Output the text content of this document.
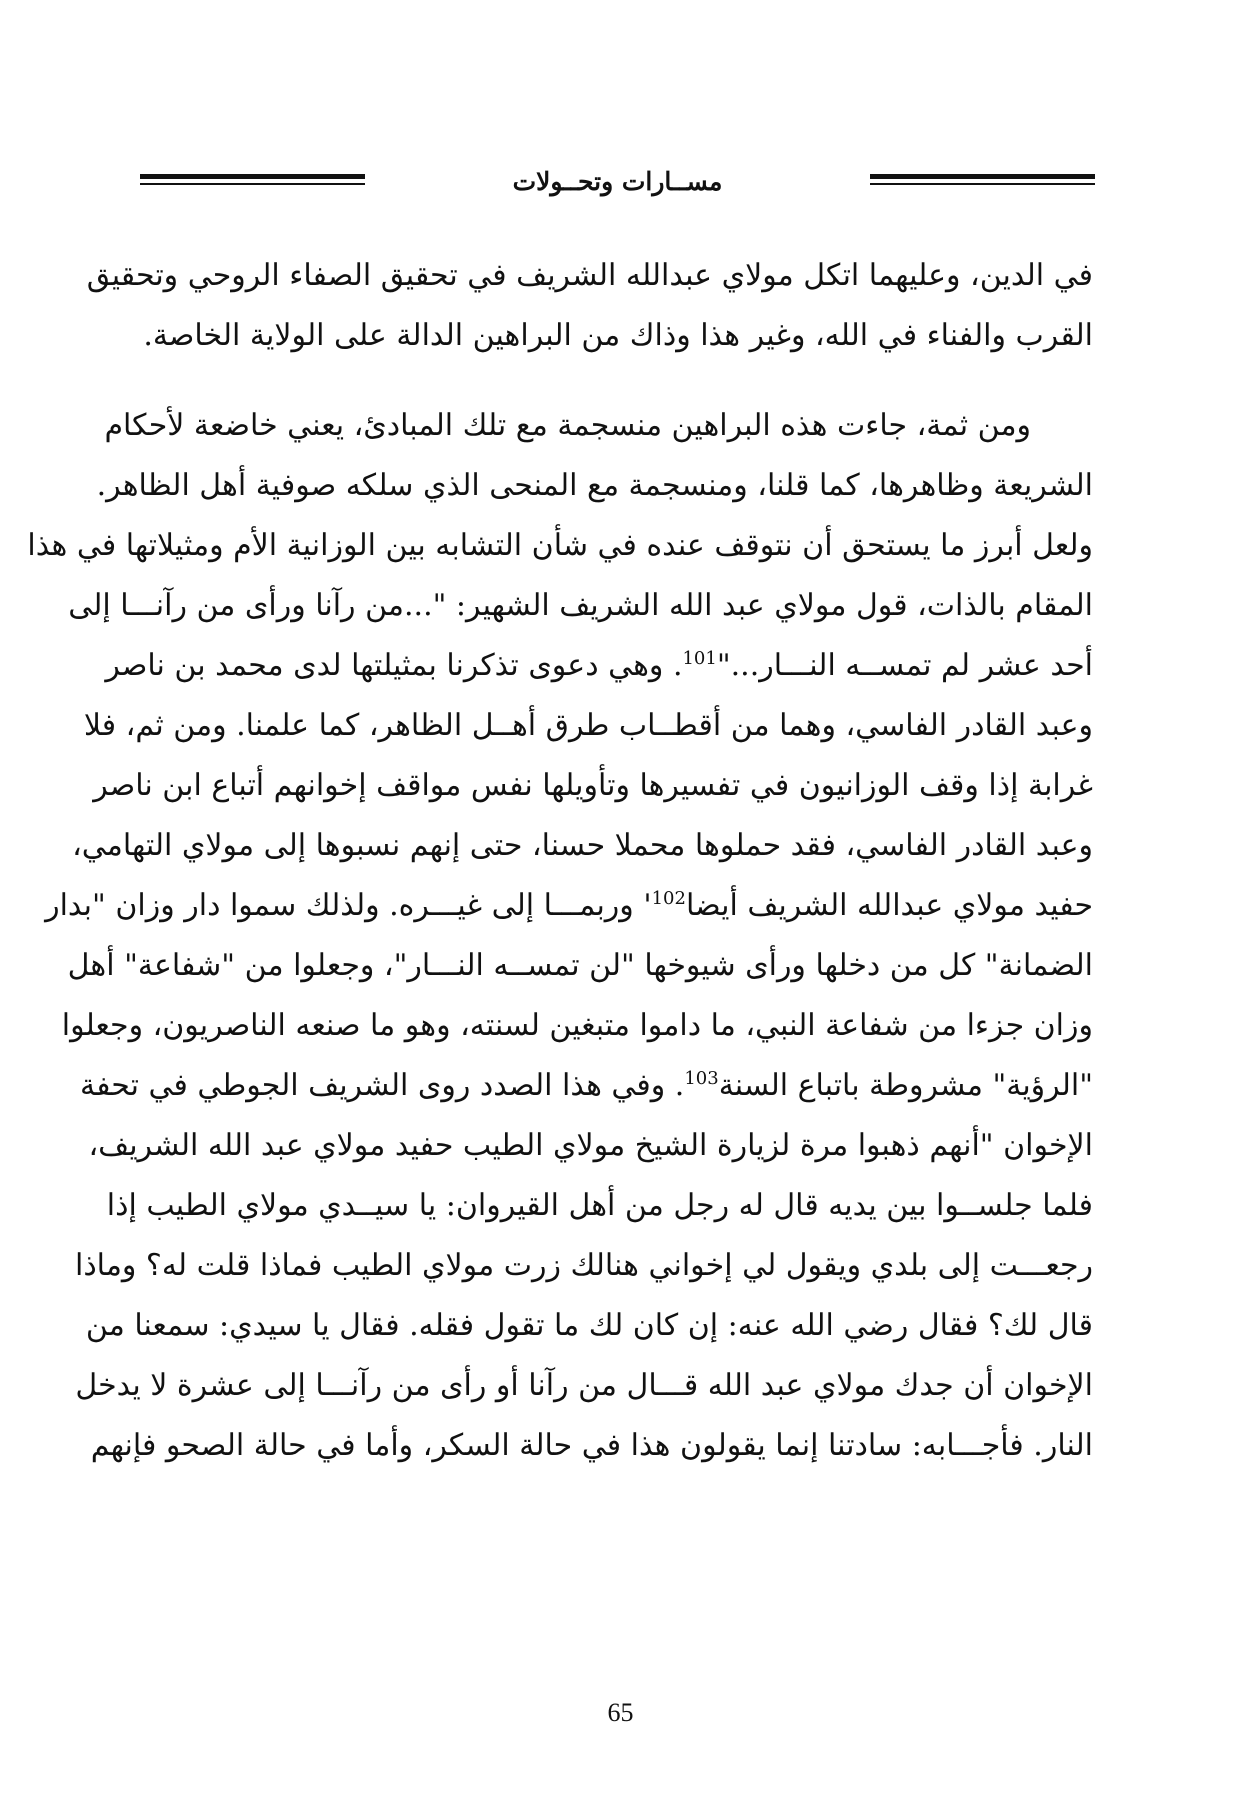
مســارات وتحــولات
في الدين، وعليهما اتكل مولاي عبدالله الشريف في تحقيق الصفاء الروحي وتحقيق
القرب والفناء في الله، وغير هذا وذاك من البراهين الدالة على الولاية الخاصة.
ومن ثمة، جاءت هذه البراهين منسجمة مع تلك المبادئ، يعني خاضعة لأحكام
الشريعة وظاهرها، كما قلنا، ومنسجمة مع المنحى الذي سلكه صوفية أهل الظاهر.
ولعل أبرز ما يستحق أن نتوقف عنده في شأن التشابه بين الوزانية الأم ومثيلاتها في هذا
المقام بالذات، قول مولاي عبد الله الشريف الشهير: "...من رآنا ورأى من رآنـــا إلى
أحد عشر لم تمســه النـــار..."$^{101}$. وهي دعوى تذكرنا بمثيلتها لدى محمد بن ناصر
وعبد القادر الفاسي، وهما من أقطــاب طرق أهــل الظاهر، كما علمنا. ومن ثم، فلا
غرابة إذا وقف الوزانيون في تفسيرها وتأويلها نفس مواقف إخوانهم أتباع ابن ناصر
وعبد القادر الفاسي، فقد حملوها محملا حسنا، حتى إنهم نسبوها إلى مولاي التهامي،
حفيد مولاي عبدالله الشريف أيضا$^{102}$' وربمـــا إلى غيـــره. ولذلك سموا دار وزان "بدار
الضمانة" كل من دخلها ورأى شيوخها "لن تمســه النـــار"، وجعلوا من "شفاعة" أهل
وزان جزءا من شفاعة النبي، ما داموا متبغين لسنته، وهو ما صنعه الناصريون، وجعلوا
"الرؤية" مشروطة باتباع السنة$^{103}$. وفي هذا الصدد روى الشريف الجوطي في تحفة
الإخوان "أنهم ذهبوا مرة لزيارة الشيخ مولاي الطيب حفيد مولاي عبد الله الشريف،
فلما جلســوا بين يديه قال له رجل من أهل القيروان: يا سيــدي مولاي الطيب إذا
رجعـــت إلى بلدي ويقول لي إخواني هنالك زرت مولاي الطيب فماذا قلت له؟ وماذا
قال لك؟ فقال رضي الله عنه: إن كان لك ما تقول فقله. فقال يا سيدي: سمعنا من
الإخوان أن جدك مولاي عبد الله قـــال من رآنا أو رأى من رآنـــا إلى عشرة لا يدخل
النار. فأجـــابه: سادتنا إنما يقولون هذا في حالة السكر، وأما في حالة الصحو فإنهم
65
